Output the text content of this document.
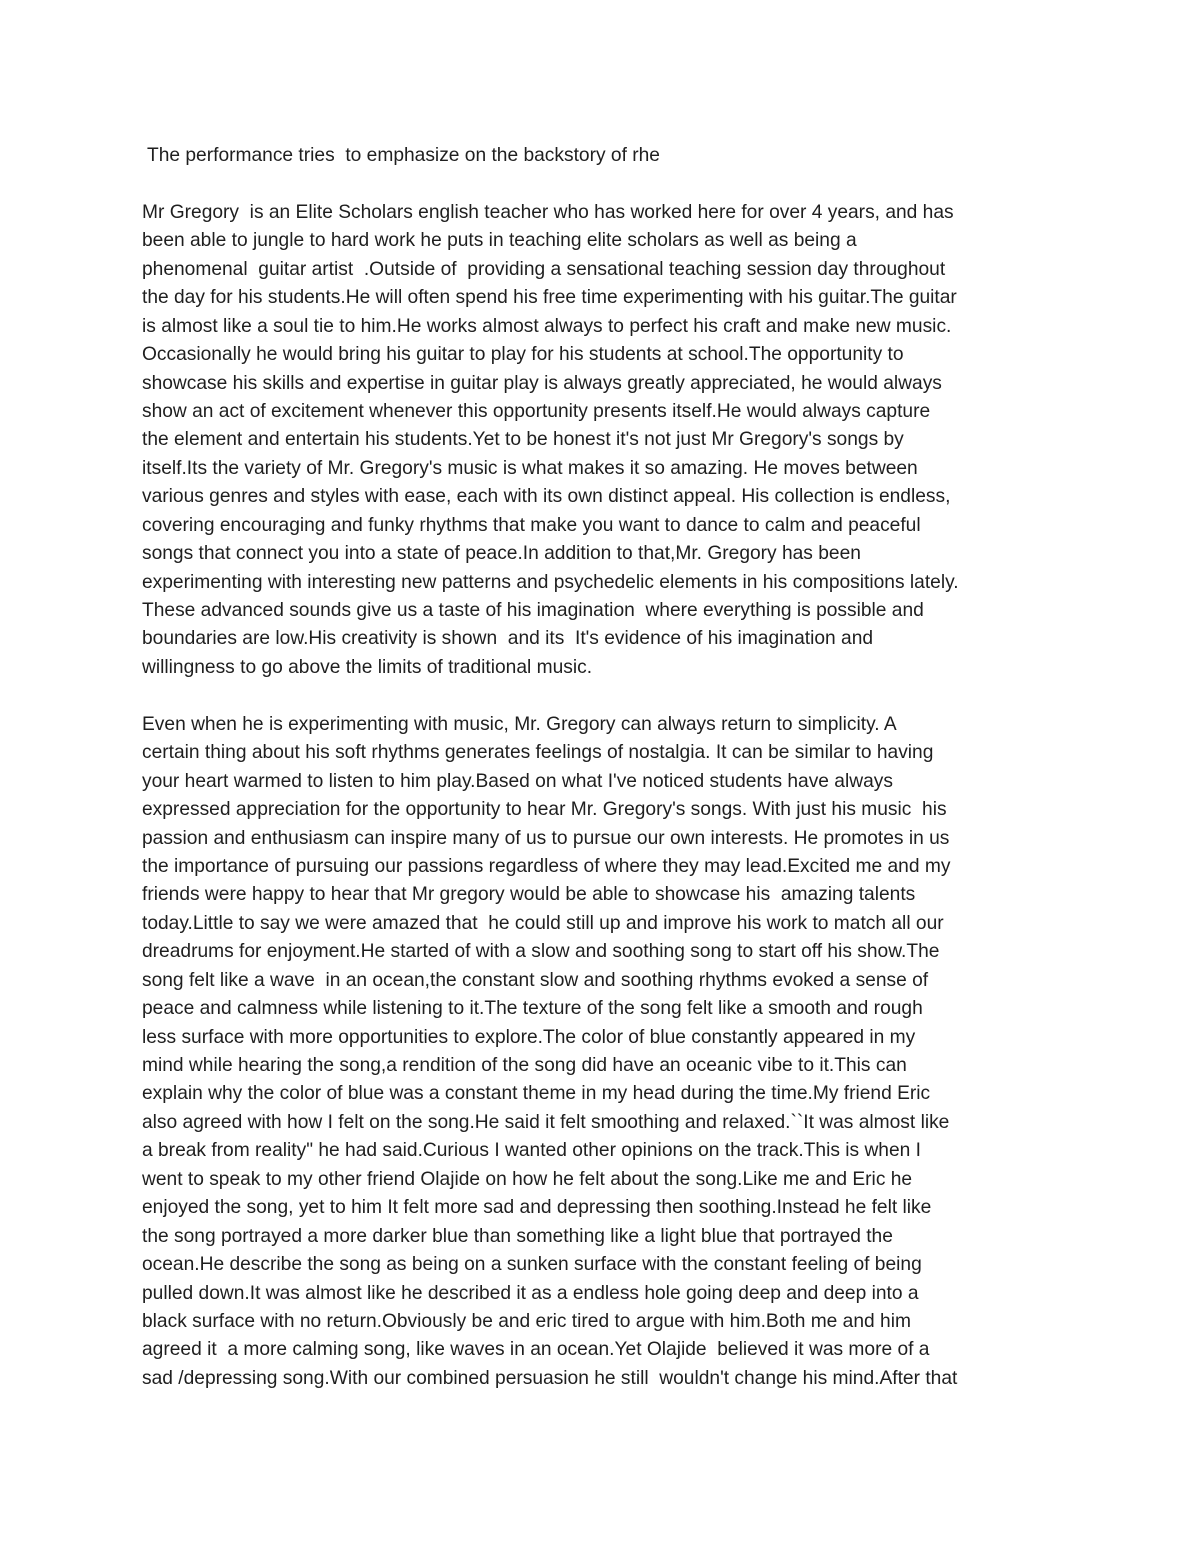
The performance tries  to emphasize on the backstory of rhe
Mr Gregory  is an Elite Scholars english teacher who has worked here for over 4 years, and has
been able to jungle to hard work he puts in teaching elite scholars as well as being a
phenomenal  guitar artist  .Outside of  providing a sensational teaching session day throughout
the day for his students.He will often spend his free time experimenting with his guitar.The guitar
is almost like a soul tie to him.He works almost always to perfect his craft and make new music.
Occasionally he would bring his guitar to play for his students at school.The opportunity to
showcase his skills and expertise in guitar play is always greatly appreciated, he would always
show an act of excitement whenever this opportunity presents itself.He would always capture
the element and entertain his students.Yet to be honest it's not just Mr Gregory's songs by
itself.Its the variety of Mr. Gregory's music is what makes it so amazing. He moves between
various genres and styles with ease, each with its own distinct appeal. His collection is endless,
covering encouraging and funky rhythms that make you want to dance to calm and peaceful
songs that connect you into a state of peace.In addition to that,Mr. Gregory has been
experimenting with interesting new patterns and psychedelic elements in his compositions lately.
These advanced sounds give us a taste of his imagination  where everything is possible and
boundaries are low.His creativity is shown  and its  It's evidence of his imagination and
willingness to go above the limits of traditional music.
Even when he is experimenting with music, Mr. Gregory can always return to simplicity. A
certain thing about his soft rhythms generates feelings of nostalgia. It can be similar to having
your heart warmed to listen to him play.Based on what I've noticed students have always
expressed appreciation for the opportunity to hear Mr. Gregory's songs. With just his music  his
passion and enthusiasm can inspire many of us to pursue our own interests. He promotes in us
the importance of pursuing our passions regardless of where they may lead.Excited me and my
friends were happy to hear that Mr gregory would be able to showcase his  amazing talents
today.Little to say we were amazed that  he could still up and improve his work to match all our
dreadrums for enjoyment.He started of with a slow and soothing song to start off his show.The
song felt like a wave  in an ocean,the constant slow and soothing rhythms evoked a sense of
peace and calmness while listening to it.The texture of the song felt like a smooth and rough
less surface with more opportunities to explore.The color of blue constantly appeared in my
mind while hearing the song,a rendition of the song did have an oceanic vibe to it.This can
explain why the color of blue was a constant theme in my head during the time.My friend Eric
also agreed with how I felt on the song.He said it felt smoothing and relaxed.``It was almost like
a break from reality" he had said.Curious I wanted other opinions on the track.This is when I
went to speak to my other friend Olajide on how he felt about the song.Like me and Eric he
enjoyed the song, yet to him It felt more sad and depressing then soothing.Instead he felt like
the song portrayed a more darker blue than something like a light blue that portrayed the
ocean.He describe the song as being on a sunken surface with the constant feeling of being
pulled down.It was almost like he described it as a endless hole going deep and deep into a
black surface with no return.Obviously be and eric tired to argue with him.Both me and him
agreed it  a more calming song, like waves in an ocean.Yet Olajide  believed it was more of a
sad /depressing song.With our combined persuasion he still  wouldn't change his mind.After that
